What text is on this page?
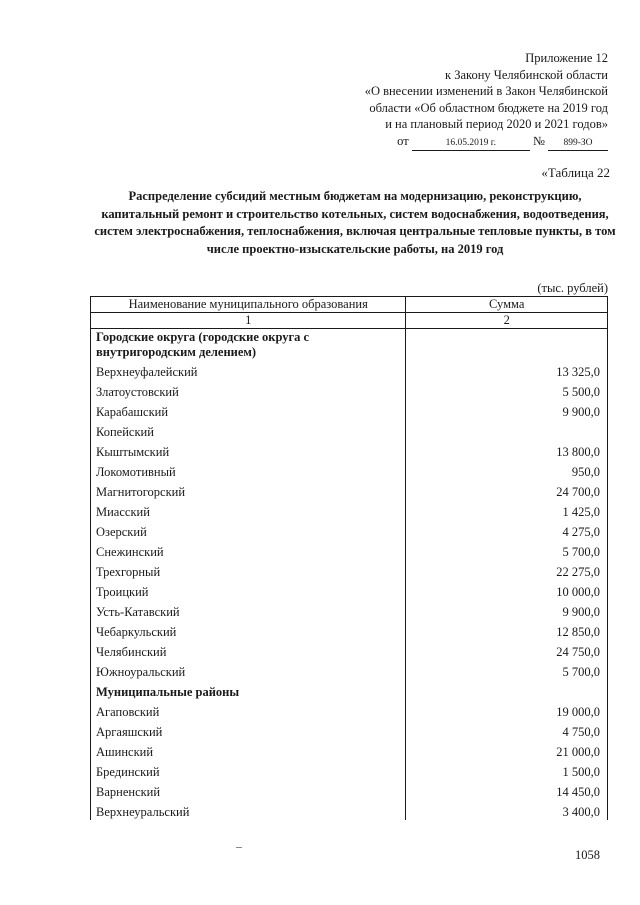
Приложение 12
к Закону Челябинской области
«О внесении изменений в Закон Челябинской
области «Об областном бюджете на 2019 год
и на плановый период 2020 и 2021 годов»
от	16.05.2019 г.	№ 899-ЗО
«Таблица 22
Распределение субсидий местным бюджетам на модернизацию, реконструкцию, капитальный ремонт и строительство котельных, систем водоснабжения, водоотведения, систем электроснабжения, теплоснабжения, включая центральные тепловые пункты, в том числе проектно-изыскательские работы, на 2019 год
(тыс. рублей)
Наименование муниципального образования	Сумма
1	2
Городские округа (городские округа с внутригородским делением)	
Верхнеуфалейский	13 325,0
Златоустовский	5 500,0
Карабашский	9 900,0
Копейский	
Кыштымский	13 800,0
Локомотивный	950,0
Магнитогорский	24 700,0
Миасский	1 425,0
Озерский	4 275,0
Снежинский	5 700,0
Трехгорный	22 275,0
Троицкий	10 000,0
Усть-Катавский	9 900,0
Чебаркульский	12 850,0
Челябинский	24 750,0
Южноуральский	5 700,0
Муниципальные районы	
Агаповский	19 000,0
Аргаяшский	4 750,0
Ашинский	21 000,0
Брединский	1 500,0
Варненский	14 450,0
Верхнеуральский	3 400,0
1058
